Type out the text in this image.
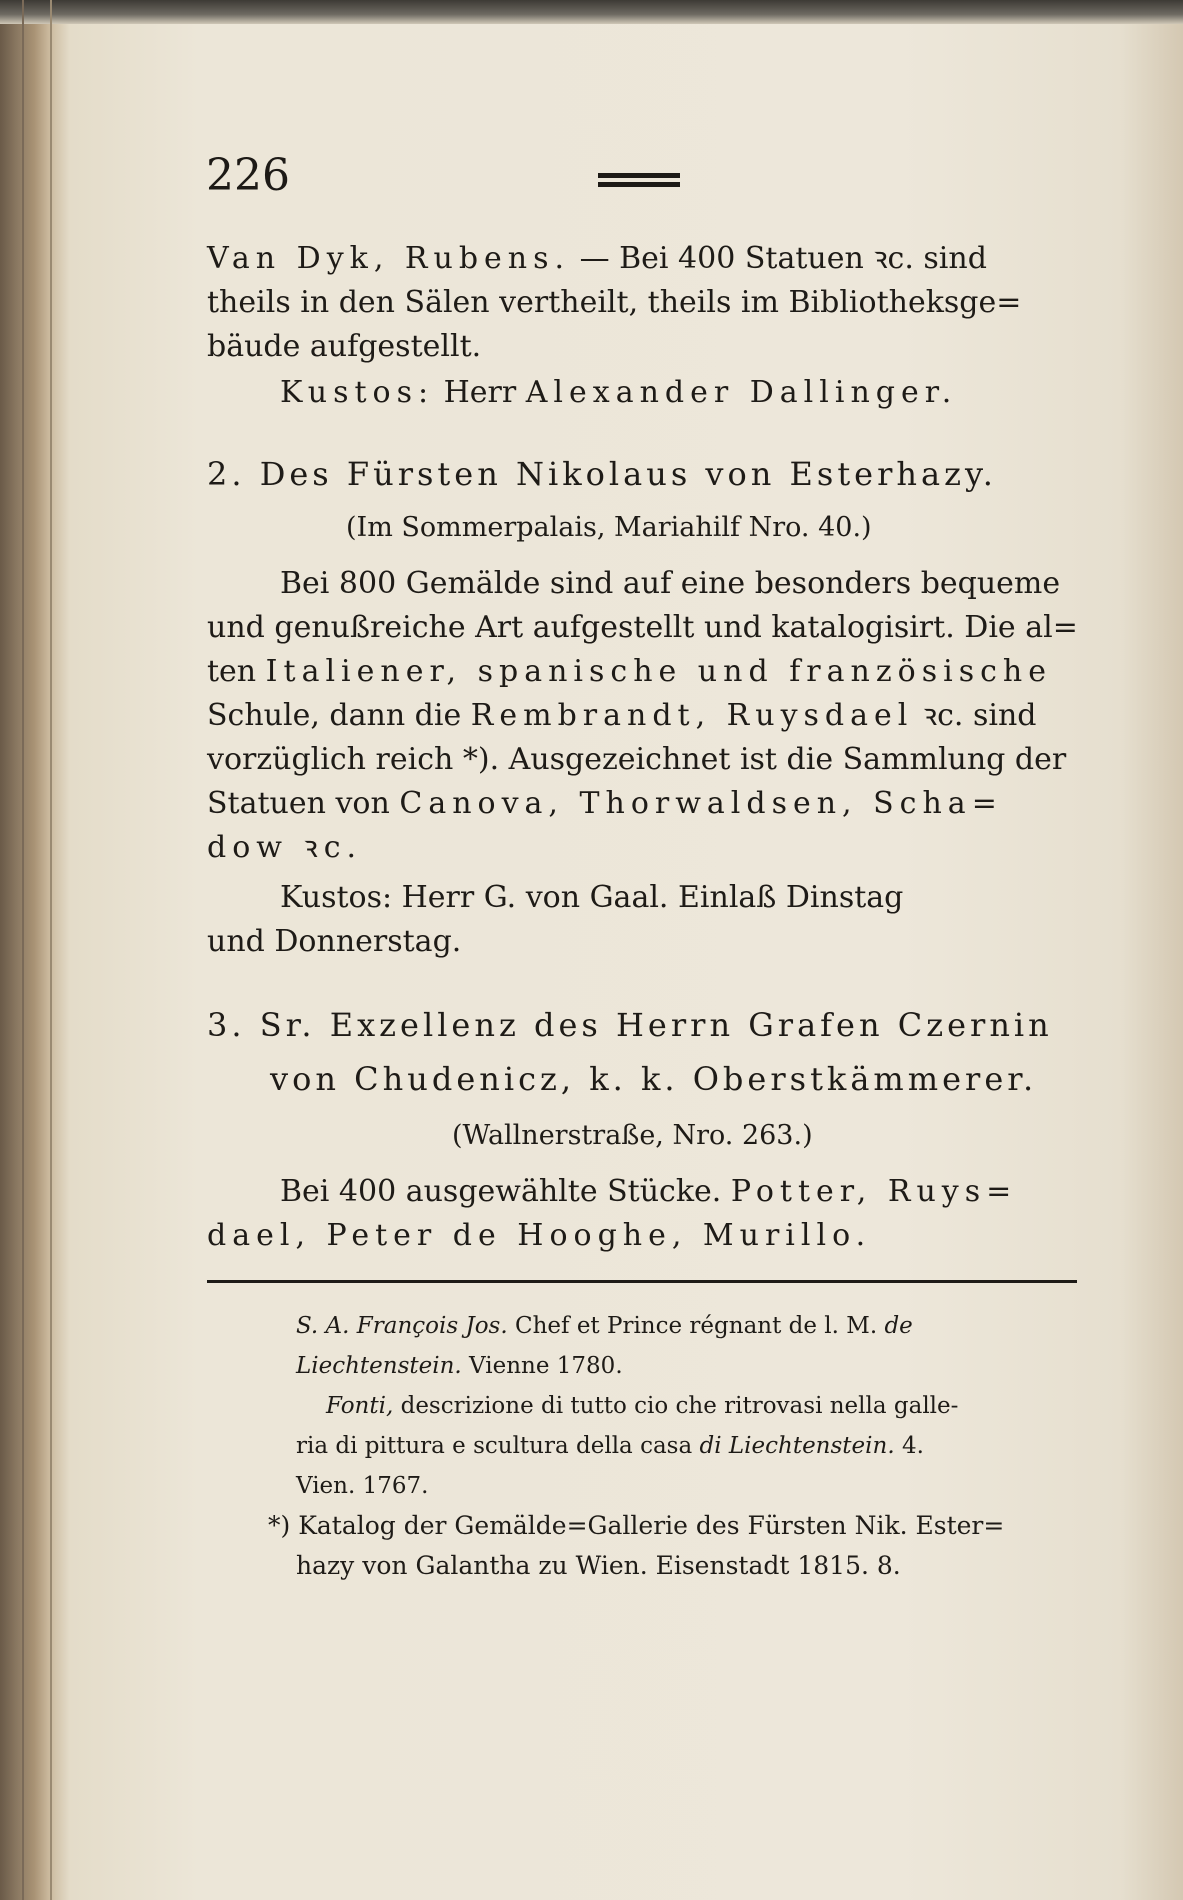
226
Van Dyk, Rubens. — Bei 400 Statuen ꝛc. sind
theils in den Sälen vertheilt, theils im Bibliotheksge=
bäude aufgestellt.
Kustos: Herr Alexander Dallinger.
2. Des Fürsten Nikolaus von Esterhazy.
(Im Sommerpalais, Mariahilf Nro. 40.)
Bei 800 Gemälde sind auf eine besonders bequeme
und genußreiche Art aufgestellt und katalogisirt. Die al=
ten Italiener, spanische und französische
Schule, dann die Rembrandt, Ruysdael ꝛc. sind
vorzüglich reich *). Ausgezeichnet ist die Sammlung der
Statuen von Canova, Thorwaldsen, Scha=
dow ꝛc.
Kustos: Herr G. von Gaal. Einlaß Dinstag
und Donnerstag.
3. Sr. Exzellenz des Herrn Grafen Czernin
von Chudenicz, k. k. Oberstkämmerer.
(Wallnerstraße, Nro. 263.)
Bei 400 ausgewählte Stücke. Potter, Ruys=
dael, Peter de Hooghe, Murillo.
S. A. François Jos. Chef et Prince régnant de l. M. de
Liechtenstein. Vienne 1780.
Fonti, descrizione di tutto cio che ritrovasi nella galle-
ria di pittura e scultura della casa di Liechtenstein. 4.
Vien. 1767.
*) Katalog der Gemälde=Gallerie des Fürsten Nik. Ester=
hazy von Galantha zu Wien. Eisenstadt 1815. 8.
